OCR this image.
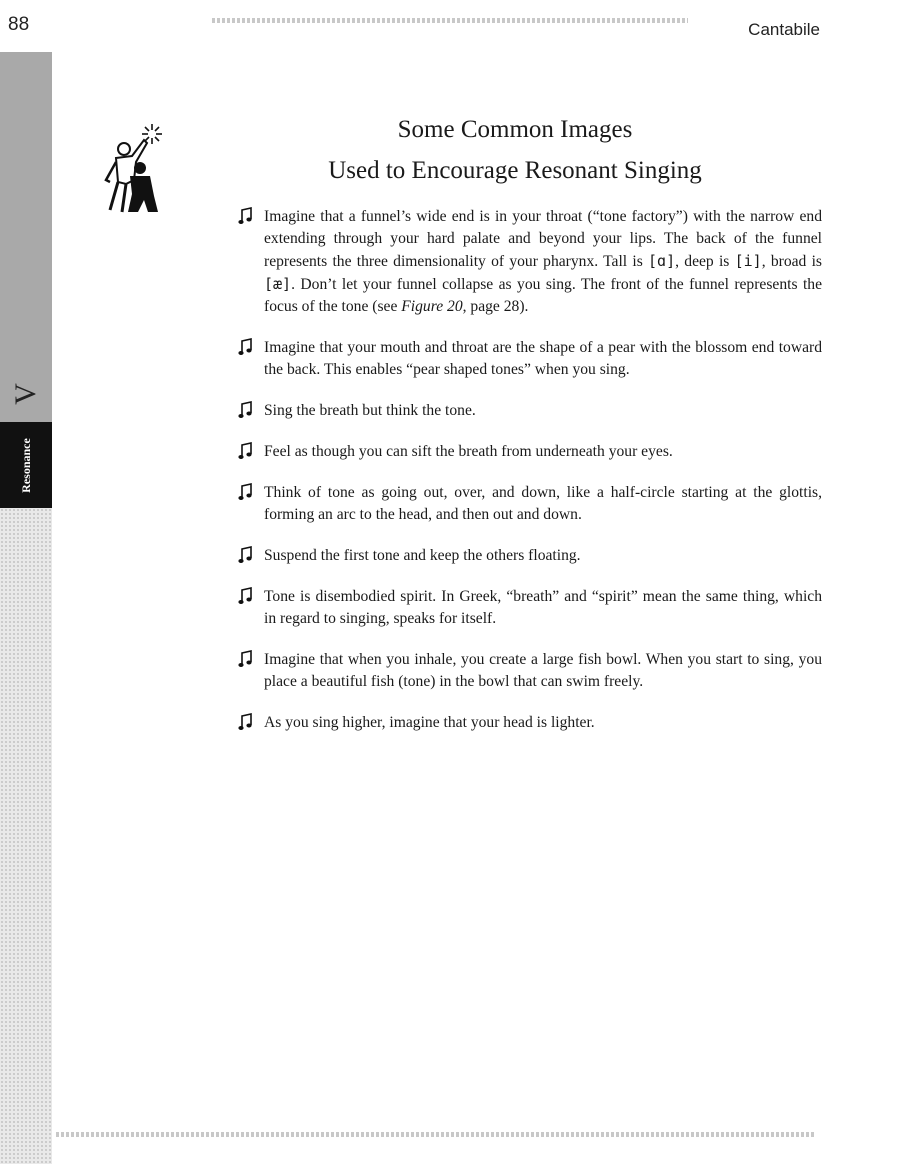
88
V
Resonance
Cantabile
Some Common Images
Used to Encourage Resonant Singing
Imagine that a funnel’s wide end is in your throat (“tone factory”) with the narrow end extending through your hard palate and beyond your lips. The back of the funnel represents the three dimensionality of your pharynx. Tall is [ɑ], deep is [i], broad is [æ]. Don’t let your funnel collapse as you sing. The front of the funnel represents the focus of the tone (see Figure 20, page 28).
Imagine that your mouth and throat are the shape of a pear with the blossom end toward the back. This enables “pear shaped tones” when you sing.
Sing the breath but think the tone.
Feel as though you can sift the breath from underneath your eyes.
Think of tone as going out, over, and down, like a half-circle starting at the glottis, forming an arc to the head, and then out and down.
Suspend the first tone and keep the others floating.
Tone is disembodied spirit. In Greek, “breath” and “spirit” mean the same thing, which in regard to singing, speaks for itself.
Imagine that when you inhale, you create a large fish bowl. When you start to sing, you place a beautiful fish (tone) in the bowl that can swim freely.
As you sing higher, imagine that your head is lighter.
